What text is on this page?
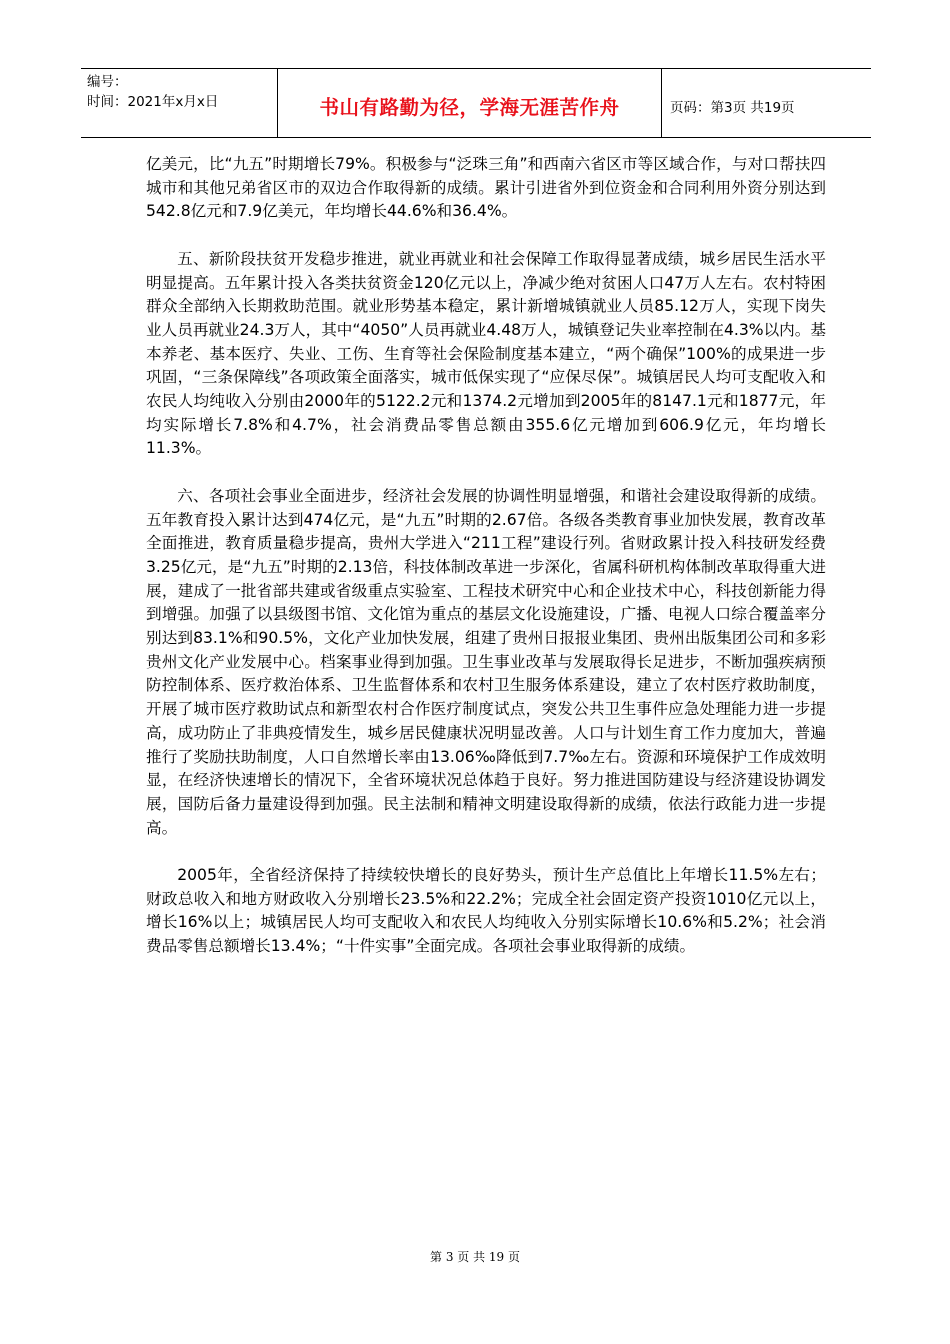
编号：
时间：2021年x月x日	书山有路勤为径，学海无涯苦作舟	页码：第3页 共19页

亿美元，比“九五”时期增长79%。积极参与“泛珠三角”和西南六省区市等区域合作，与对口帮扶四城市和其他兄弟省区市的双边合作取得新的成绩。累计引进省外到位资金和合同利用外资分别达到542.8亿元和7.9亿美元，年均增长44.6%和36.4%。

五、新阶段扶贫开发稳步推进，就业再就业和社会保障工作取得显著成绩，城乡居民生活水平明显提高。五年累计投入各类扶贫资金120亿元以上，净减少绝对贫困人口47万人左右。农村特困群众全部纳入长期救助范围。就业形势基本稳定，累计新增城镇就业人员85.12万人，实现下岗失业人员再就业24.3万人，其中“4050”人员再就业4.48万人，城镇登记失业率控制在4.3%以内。基本养老、基本医疗、失业、工伤、生育等社会保险制度基本建立，“两个确保”100%的成果进一步巩固，“三条保障线”各项政策全面落实，城市低保实现了“应保尽保”。城镇居民人均可支配收入和农民人均纯收入分别由2000年的5122.2元和1374.2元增加到2005年的8147.1元和1877元，年均实际增长7.8%和4.7%，社会消费品零售总额由355.6亿元增加到606.9亿元，年均增长11.3%。

六、各项社会事业全面进步，经济社会发展的协调性明显增强，和谐社会建设取得新的成绩。五年教育投入累计达到474亿元，是“九五”时期的2.67倍。各级各类教育事业加快发展，教育改革全面推进，教育质量稳步提高，贵州大学进入“211工程”建设行列。省财政累计投入科技研发经费3.25亿元，是“九五”时期的2.13倍，科技体制改革进一步深化，省属科研机构体制改革取得重大进展，建成了一批省部共建或省级重点实验室、工程技术研究中心和企业技术中心，科技创新能力得到增强。加强了以县级图书馆、文化馆为重点的基层文化设施建设，广播、电视人口综合覆盖率分别达到83.1%和90.5%，文化产业加快发展，组建了贵州日报报业集团、贵州出版集团公司和多彩贵州文化产业发展中心。档案事业得到加强。卫生事业改革与发展取得长足进步，不断加强疾病预防控制体系、医疗救治体系、卫生监督体系和农村卫生服务体系建设，建立了农村医疗救助制度，开展了城市医疗救助试点和新型农村合作医疗制度试点，突发公共卫生事件应急处理能力进一步提高，成功防止了非典疫情发生，城乡居民健康状况明显改善。人口与计划生育工作力度加大，普遍推行了奖励扶助制度，人口自然增长率由13.06‰降低到7.7‰左右。资源和环境保护工作成效明显，在经济快速增长的情况下，全省环境状况总体趋于良好。努力推进国防建设与经济建设协调发展，国防后备力量建设得到加强。民主法制和精神文明建设取得新的成绩，依法行政能力进一步提高。

2005年，全省经济保持了持续较快增长的良好势头，预计生产总值比上年增长11.5%左右；财政总收入和地方财政收入分别增长23.5%和22.2%；完成全社会固定资产投资1010亿元以上，增长16%以上；城镇居民人均可支配收入和农民人均纯收入分别实际增长10.6%和5.2%；社会消费品零售总额增长13.4%；“十件实事”全面完成。各项社会事业取得新的成绩。

第 3 页 共 19 页
